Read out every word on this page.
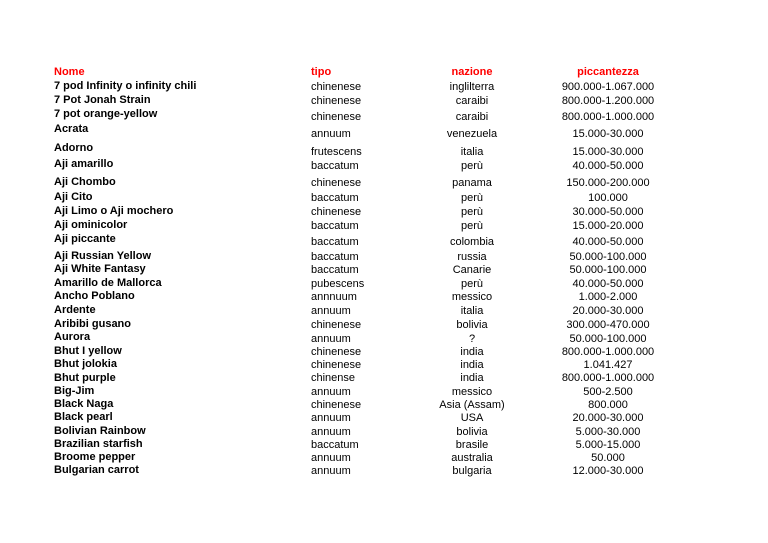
Nome	tipo	nazione	piccantezza
7 pod Infinity o infinity chili	chinenese	inglilterra	900.000-1.067.000
7 Pot Jonah Strain	chinenese	caraibi	800.000-1.200.000
7 pot orange-yellow	chinenese	caraibi	800.000-1.000.000
Acrata	annuum	venezuela	15.000-30.000
Adorno	frutescens	italia	15.000-30.000
Aji amarillo	baccatum	perù	40.000-50.000
Aji Chombo	chinenese	panama	150.000-200.000
Aji Cito	baccatum	perù	100.000
Aji Limo o Aji mochero	chinenese	perù	30.000-50.000
Aji ominicolor	baccatum	perù	15.000-20.000
Aji piccante	baccatum	colombia	40.000-50.000
Aji Russian Yellow	baccatum	russia	50.000-100.000
Aji White Fantasy	baccatum	Canarie	50.000-100.000
Amarillo de Mallorca	pubescens	perù	40.000-50.000
Ancho Poblano	annnuum	messico	1.000-2.000
Ardente	annuum	italia	20.000-30.000
Aribibi gusano	chinenese	bolivia	300.000-470.000
Aurora	annuum	?	50.000-100.000
Bhut I yellow	chinenese	india	800.000-1.000.000
Bhut jolokia	chinenese	india	1.041.427
Bhut purple	chinense	india	800.000-1.000.000
Big-Jim	annuum	messico	500-2.500
Black Naga	chinenese	Asia (Assam)	800.000
Black pearl	annuum	USA	20.000-30.000
Bolivian Rainbow	annuum	bolivia	5.000-30.000
Brazilian starfish	baccatum	brasile	5.000-15.000
Broome pepper	annuum	australia	50.000
Bulgarian carrot	annuum	bulgaria	12.000-30.000
